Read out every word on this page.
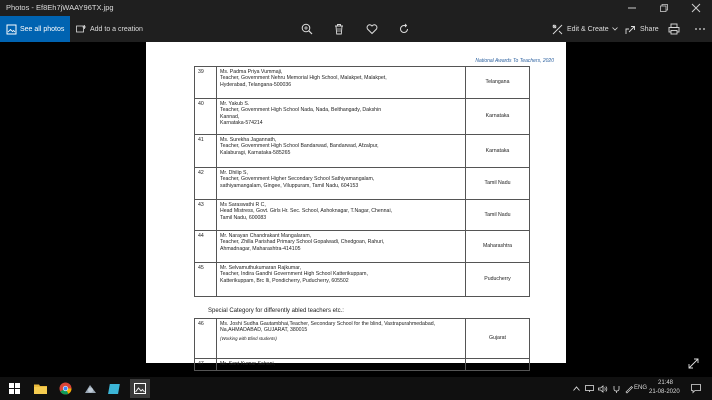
Photos - Ef8Eh7jWAAY96TX.jpg
See all photos	Add to a creation	Edit & Create	Share
National Awards To Teachers, 2020
39	Ms. Padma Priya Vummaji,
Teacher, Government Nehru Memorial High School, Malakpet, Malakpet,
Hyderabad, Telangana-500036	Telangana
40	Mr. Yakub S.
Teacher, Government High School Nada, Nada, Belthangady, Dakshin
Kannad,
Karnataka-574214	Karnataka
41	Ms. Surekha Jagannath,
Teacher, Government High School Bandarwad, Bandarwad, Afzalpur,
Kalaburagi, Karnataka-585265	Karnataka
42	Mr. Dhilip S,
Teacher, Government Higher Secondary School Sathiyamangalam,
sathiyamangalam, Gingee, Viluppuram, Tamil Nadu, 604153	Tamil Nadu
43	Ms Saraswathi R C,
Head Mistress, Govt. Girls Hr. Sec. School, Ashoknagar, T.Nagar, Chennai,
Tamil Nadu, 600083	Tamil Nadu
44	Mr. Narayan Chandrakant Mangalaram,
Teacher, Zhilla Parishad Primary School Gopalwadi, Chedgoan, Rahuri,
Ahmadnagar, Maharashtra-414105	Maharashtra
45	Mr. Selvamuthukumaran Rajkumar,
Teacher, Indira Gandhi Government High School Katterikuppam,
Katterikuppam, Brc Ili, Pondicherry, Puducherry, 605502	Puducherry
Special Category for differently abled teachers etc.:
46	Ms. Joshi Sudha Gautambhai,Teacher, Secondary School for the blind, Vastrapurahmedabad, Na,AHMADABAD, GUJARAT, 380015
(Working with Blind students)	Gujarat
47	Mr. Sant Kumar Sahani,	
ENG
21:48
21-08-2020
